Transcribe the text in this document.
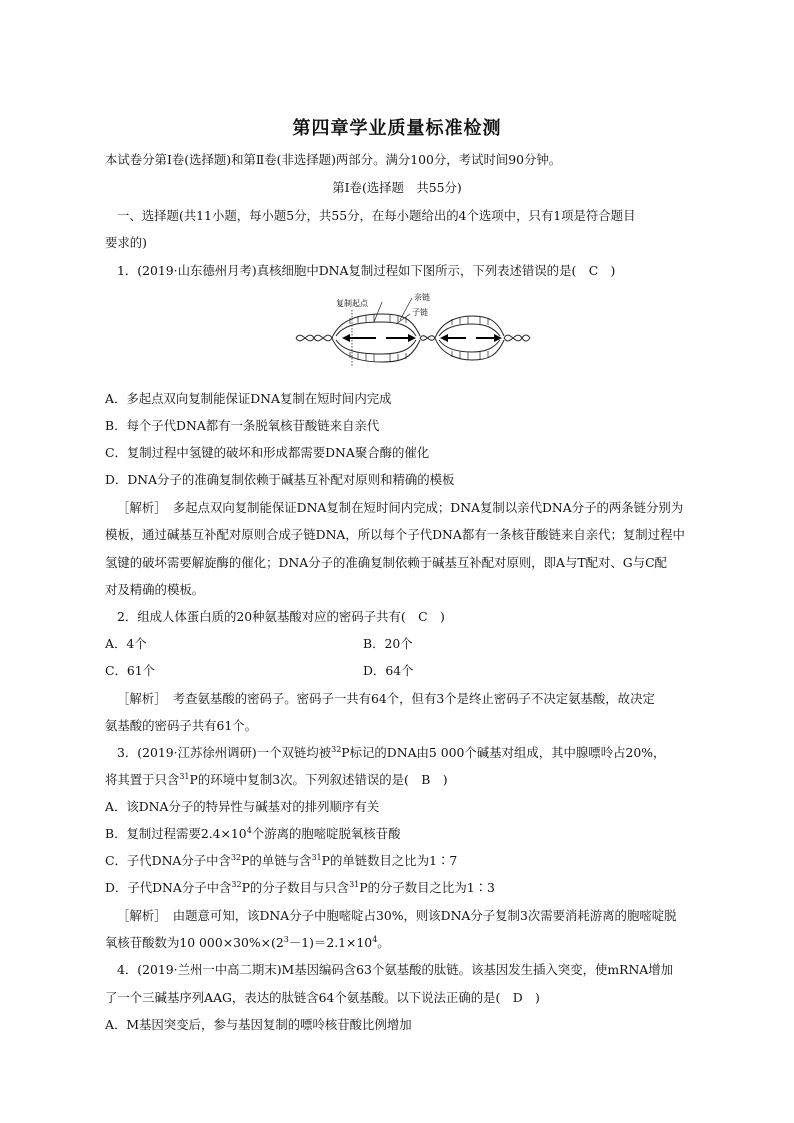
第四章学业质量标准检测
本试卷分第Ⅰ卷(选择题)和第Ⅱ卷(非选择题)两部分。满分100分，考试时间90分钟。
第Ⅰ卷(选择题　共55分)
一、选择题(共11小题，每小题5分，共55分，在每小题给出的4个选项中，只有1项是符合题目
要求的)
1．(2019·山东德州月考)真核细胞中DNA复制过程如下图所示，下列表述错误的是(　C　)
复制起点
亲链
子链
A．多起点双向复制能保证DNA复制在短时间内完成
B．每个子代DNA都有一条脱氧核苷酸链来自亲代
C．复制过程中氢键的破坏和形成都需要DNA聚合酶的催化
D．DNA分子的准确复制依赖于碱基互补配对原则和精确的模板
［解析］　多起点双向复制能保证DNA复制在短时间内完成；DNA复制以亲代DNA分子的两条链分别为
模板，通过碱基互补配对原则合成子链DNA，所以每个子代DNA都有一条核苷酸链来自亲代；复制过程中
氢键的破坏需要解旋酶的催化；DNA分子的准确复制依赖于碱基互补配对原则，即A与T配对、G与C配
对及精确的模板。
2．组成人体蛋白质的20种氨基酸对应的密码子共有(　C　)
A．4个	B．20个
C．61个	D．64个
［解析］　考查氨基酸的密码子。密码子一共有64个，但有3个是终止密码子不决定氨基酸，故决定
氨基酸的密码子共有61个。
3．(2019·江苏徐州调研)一个双链均被$^{32}$P标记的DNA由5 000个碱基对组成，其中腺嘌呤占20%，
将其置于只含$^{31}$P的环境中复制3次。下列叙述错误的是(　B　)
A．该DNA分子的特异性与碱基对的排列顺序有关
B．复制过程需要$2.4\times 10^4$个游离的胞嘧啶脱氧核苷酸
C．子代DNA分子中含$^{32}$P的单链与含$^{31}$P的单链数目之比为1∶7
D．子代DNA分子中含$^{32}$P的分子数目与只含$^{31}$P的分子数目之比为1∶3
［解析］　由题意可知，该DNA分子中胞嘧啶占30%，则该DNA分子复制3次需要消耗游离的胞嘧啶脱
氧核苷酸数为10 $000\times 30\%\times(2^3-1)=2.1\times 10^4$。
4．(2019·兰州一中高二期末)M基因编码含63个氨基酸的肽链。该基因发生插入突变，使mRNA增加
了一个三碱基序列AAG，表达的肽链含64个氨基酸。以下说法正确的是(　D　)
A．M基因突变后，参与基因复制的嘌呤核苷酸比例增加
